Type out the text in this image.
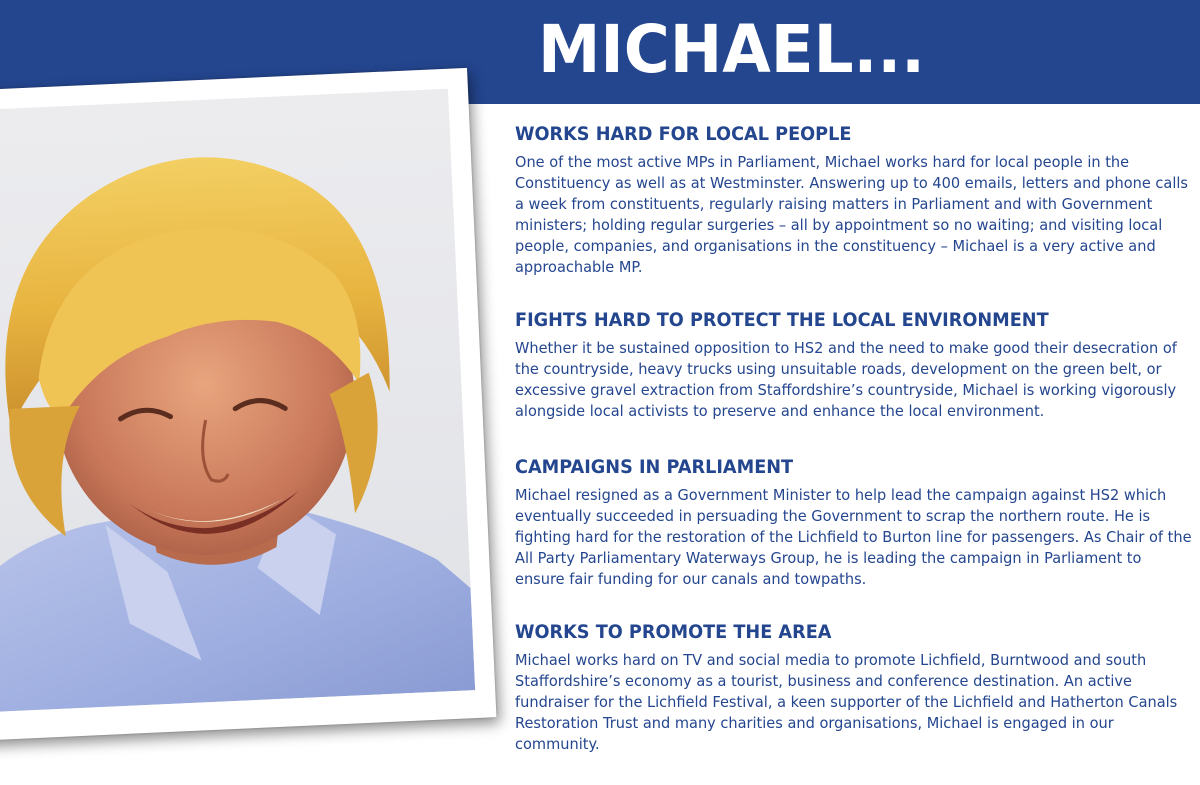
MICHAEL...
WORKS HARD FOR LOCAL PEOPLE

One of the most active MPs in Parliament, Michael works hard for local people in the Constituency as well as at Westminster. Answering up to 400 emails, letters and phone calls a week from constituents, regularly raising matters in Parliament and with Government ministers; holding regular surgeries – all by appointment so no waiting; and visiting local people, companies, and organisations in the constituency – Michael is a very active and approachable MP.

FIGHTS HARD TO PROTECT THE LOCAL ENVIRONMENT

Whether it be sustained opposition to HS2 and the need to make good their desecration of the countryside, heavy trucks using unsuitable roads, development on the green belt, or excessive gravel extraction from Staffordshire’s countryside, Michael is working vigorously alongside local activists to preserve and enhance the local environment.

CAMPAIGNS IN PARLIAMENT

Michael resigned as a Government Minister to help lead the campaign against HS2 which eventually succeeded in persuading the Government to scrap the northern route. He is fighting hard for the restoration of the Lichfield to Burton line for passengers. As Chair of the All Party Parliamentary Waterways Group, he is leading the campaign in Parliament to ensure fair funding for our canals and towpaths.

WORKS TO PROMOTE THE AREA

Michael works hard on TV and social media to promote Lichfield, Burntwood and south Staffordshire’s economy as a tourist, business and conference destination. An active fundraiser for the Lichfield Festival, a keen supporter of the Lichfield and Hatherton Canals Restoration Trust and many charities and organisations, Michael is engaged in our community.
